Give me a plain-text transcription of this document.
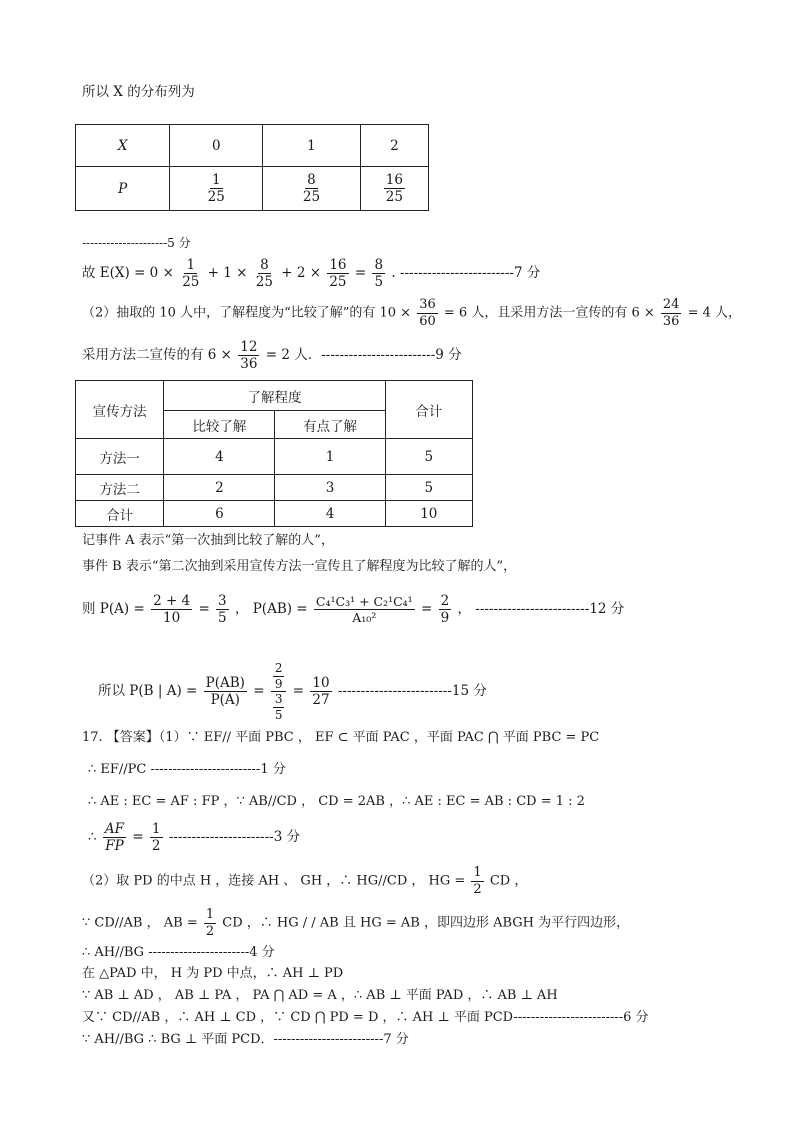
所以 X 的分布列为
X	0	1	2
P	$\frac{1}{25}$	$\frac{8}{25}$	$\frac{16}{25}$
---------------------5 分
故 $E(X) = 0 \times \frac{1}{25} + 1 \times \frac{8}{25} + 2 \times \frac{16}{25} = \frac{8}{5}$ . -------------------------7 分
（2）抽取的 10 人中，了解程度为“比较了解”的有 $10 \times \frac{36}{60} = 6$ 人，且采用方法一宣传的有 $6 \times \frac{24}{36} = 4$ 人，
采用方法二宣传的有 $6 \times \frac{12}{36} = 2$ 人．-------------------------9 分
宣传方法	了解程度		合计
	比较了解	有点了解	
方法一	4	1	5
方法二	2	3	5
合计	6	4	10
记事件 A 表示“第一次抽到比较了解的人”，
事件 B 表示“第二次抽到采用宣传方法一宣传且了解程度为比较了解的人”，
则 $P(A) = \frac{2 + 4}{10} = \frac{3}{5}$ ， $P(AB) = \frac{\text{C₄¹C₃¹ + C₂¹C₄¹}}{\text{A₁₀²}} = \frac{2}{9}$ ， -------------------------12 分
所以 P(B | $A) = \frac{P(AB)}{P(A)} = \frac{\frac{2}{9}}{\frac{3}{5}} = \frac{10}{27} -------------------------15$ 分
17. 【答案】（1）∵ EF// 平面 PBC ， EF ⊂ 平面 PAC ，平面 PAC ⋂ 平面 PBC = PC
∴ EF//PC -------------------------1 分
∴ AE : EC = AF : FP ，∵ AB//CD ， CD = 2AB ，∴ AE : EC = AB : CD = 1 : 2
∴ $\frac{AF}{FP} = \frac{1}{2} -----------------------3$ 分
（2）取 PD 的中点 H ，连接 AH 、 GH ，∴ HG//CD ， HG = $\frac{1}{2}$ CD ，
∵ CD//AB ， AB = $\frac{1}{2}$ CD ，∴ HG / / AB 且 HG = AB ，即四边形 ABGH 为平行四边形，
∴ AH//BG -----------------------4 分
在 △PAD 中， H 为 PD 中点，∴ AH ⊥ PD
∵ AB ⊥ AD ， AB ⊥ PA ， PA ⋂ AD = A ，∴ AB ⊥ 平面 PAD ，∴ AB ⊥ AH
又∵ CD//AB ，∴ AH ⊥ CD ，∵ CD ⋂ PD = D ，∴ AH ⊥ 平面 PCD-------------------------6 分
∵ AH//BG ∴ BG ⊥ 平面 PCD．-------------------------7 分
